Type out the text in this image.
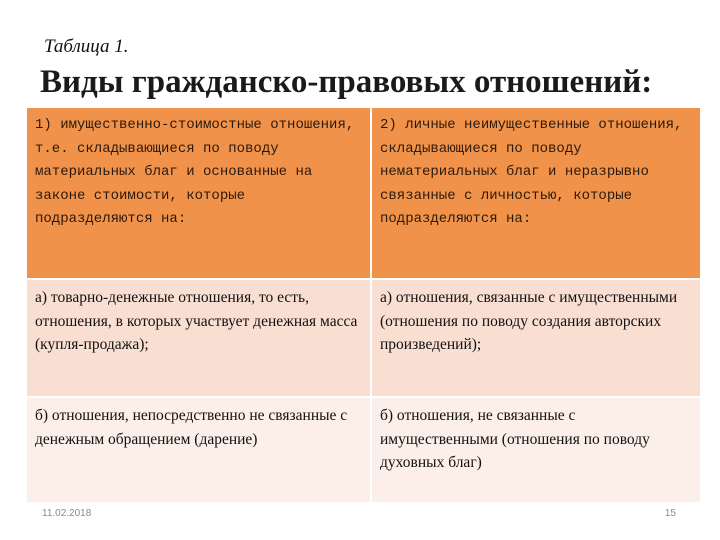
Таблица 1.
Виды гражданско-правовых отношений:
1) имущественно-стоимостные отношения, т.е. складывающиеся по поводу материальных благ и основанные на законе стоимости, которые подразделяются на:	2) личные неимущественные отношения, складывающиеся по поводу нематериальных благ и неразрывно связанные с личностью, которые подразделяются на:
а) товарно-денежные отношения, то есть, отношения, в которых участвует денежная масса (купля-продажа);	а) отношения, связанные с имущественными (отношения по поводу создания авторских произведений);
б) отношения, непосредственно не связанные с денежным обращением (дарение)	б) отношения, не связанные с имущественными (отношения по поводу духовных благ)
11.02.2018	15
